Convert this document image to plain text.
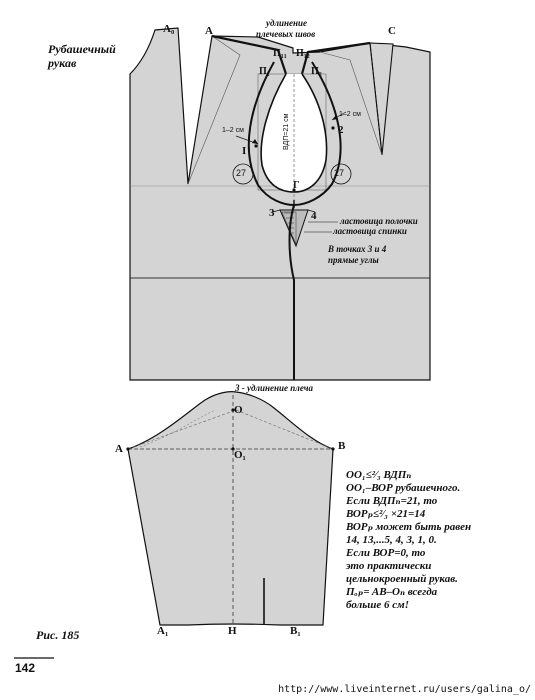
Рубашечный
рукав
удлинение
плечевых швов
A₀	A	C
П₁₁ П₁₂
П₁	П₂
ВДП=21 см
1–2 см
1–2 см
I
2
27	27
Г
3	4	ластовица полочки
ластовица спинки
В точках 3 и 4
прямые углы
3 - удлинение плеча
O
O₁
A	B
A₁	H	B₁
OO₁≤²⁄₃ ВДПₙ
OO₁–ВОР рубашечного.
Если ВДПₙ=21, то
ВОРₚ≤²⁄₃ ×21=14
ВОРₚ может быть равен
14, 13,...5, 4, 3, 1, 0.
Если ВОР=0, то
это практически
цельнокроенный рукав.
Пₒₚ= AB–Oₙ всегда
больше 6 см!
Рис. 185
142
http://www.liveinternet.ru/users/galina_o/
